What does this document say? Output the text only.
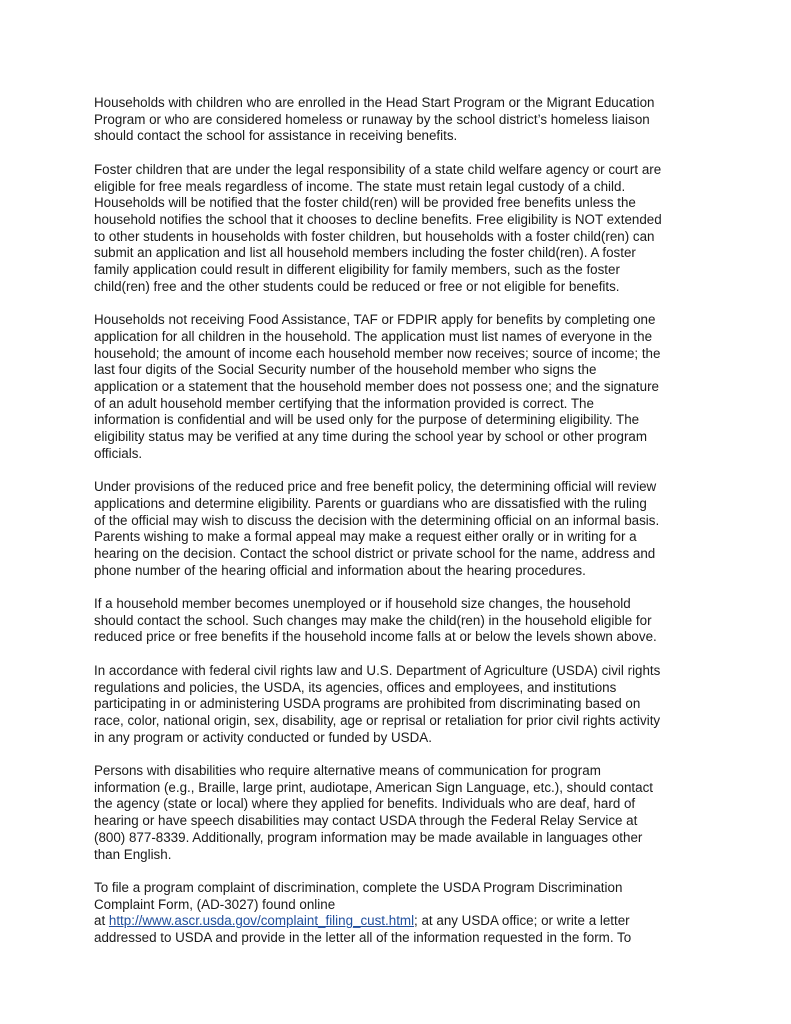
Households with children who are enrolled in the Head Start Program or the Migrant Education
Program or who are considered homeless or runaway by the school district’s homeless liaison
should contact the school for assistance in receiving benefits.

Foster children that are under the legal responsibility of a state child welfare agency or court are
eligible for free meals regardless of income. The state must retain legal custody of a child.
Households will be notified that the foster child(ren) will be provided free benefits unless the
household notifies the school that it chooses to decline benefits. Free eligibility is NOT extended
to other students in households with foster children, but households with a foster child(ren) can
submit an application and list all household members including the foster child(ren). A foster
family application could result in different eligibility for family members, such as the foster
child(ren) free and the other students could be reduced or free or not eligible for benefits.

Households not receiving Food Assistance, TAF or FDPIR apply for benefits by completing one
application for all children in the household. The application must list names of everyone in the
household; the amount of income each household member now receives; source of income; the
last four digits of the Social Security number of the household member who signs the
application or a statement that the household member does not possess one; and the signature
of an adult household member certifying that the information provided is correct. The
information is confidential and will be used only for the purpose of determining eligibility. The
eligibility status may be verified at any time during the school year by school or other program
officials.

Under provisions of the reduced price and free benefit policy, the determining official will review
applications and determine eligibility. Parents or guardians who are dissatisfied with the ruling
of the official may wish to discuss the decision with the determining official on an informal basis.
Parents wishing to make a formal appeal may make a request either orally or in writing for a
hearing on the decision. Contact the school district or private school for the name, address and
phone number of the hearing official and information about the hearing procedures.

If a household member becomes unemployed or if household size changes, the household
should contact the school. Such changes may make the child(ren) in the household eligible for
reduced price or free benefits if the household income falls at or below the levels shown above.

In accordance with federal civil rights law and U.S. Department of Agriculture (USDA) civil rights
regulations and policies, the USDA, its agencies, offices and employees, and institutions
participating in or administering USDA programs are prohibited from discriminating based on
race, color, national origin, sex, disability, age or reprisal or retaliation for prior civil rights activity
in any program or activity conducted or funded by USDA.

Persons with disabilities who require alternative means of communication for program
information (e.g., Braille, large print, audiotape, American Sign Language, etc.), should contact
the agency (state or local) where they applied for benefits. Individuals who are deaf, hard of
hearing or have speech disabilities may contact USDA through the Federal Relay Service at
(800) 877-8339. Additionally, program information may be made available in languages other
than English.

To file a program complaint of discrimination, complete the USDA Program Discrimination
Complaint Form, (AD-3027) found online
at http://www.ascr.usda.gov/complaint_filing_cust.html; at any USDA office; or write a letter
addressed to USDA and provide in the letter all of the information requested in the form. To
